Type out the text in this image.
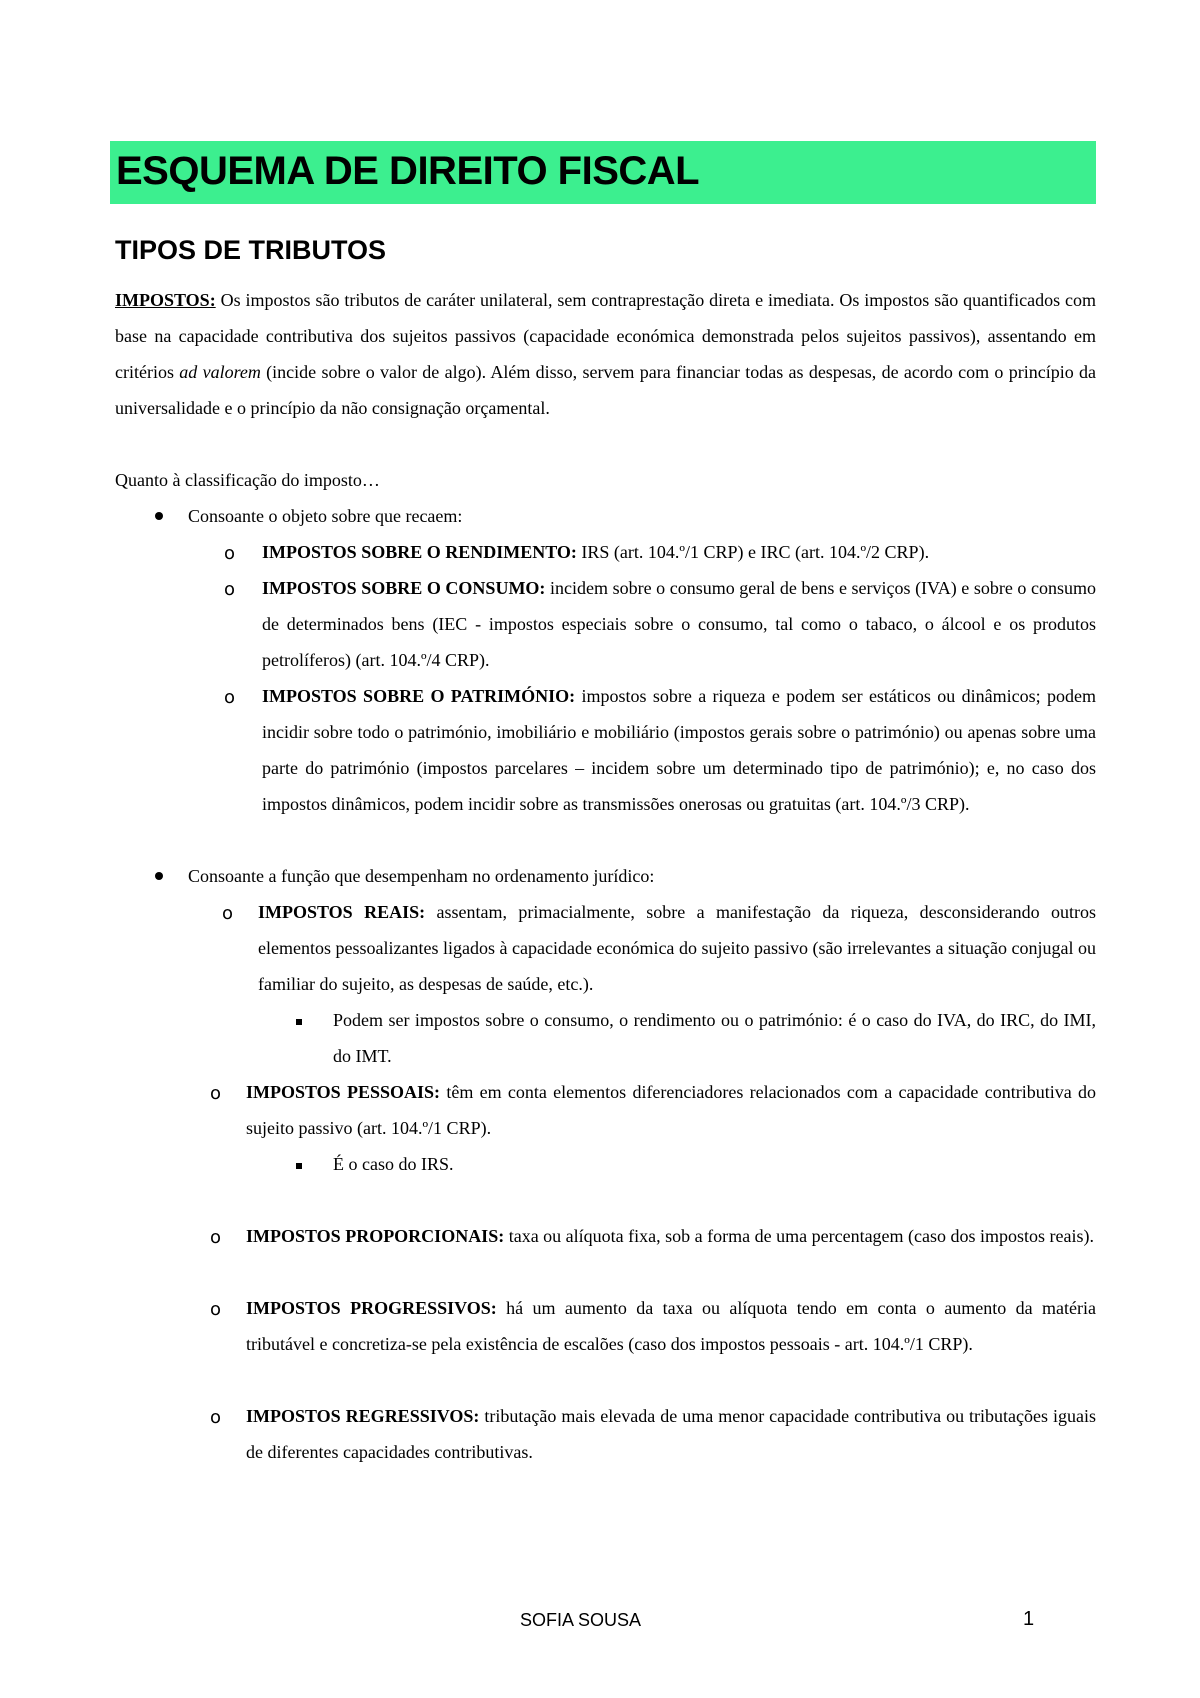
ESQUEMA DE DIREITO FISCAL
TIPOS DE TRIBUTOS

IMPOSTOS: Os impostos são tributos de caráter unilateral, sem contraprestação direta e imediata. Os impostos são quantificados com base na capacidade contributiva dos sujeitos passivos (capacidade económica demonstrada pelos sujeitos passivos), assentando em critérios ad valorem (incide sobre o valor de algo). Além disso, servem para financiar todas as despesas, de acordo com o princípio da universalidade e o princípio da não consignação orçamental.

Quanto à classificação do imposto…

Consoante o objeto sobre que recaem:

o IMPOSTOS SOBRE O RENDIMENTO: IRS (art. 104.º/1 CRP) e IRC (art. 104.º/2 CRP).

o IMPOSTOS SOBRE O CONSUMO: incidem sobre o consumo geral de bens e serviços (IVA) e sobre o consumo de determinados bens (IEC - impostos especiais sobre o consumo, tal como o tabaco, o álcool e os produtos petrolíferos) (art. 104.º/4 CRP).

o IMPOSTOS SOBRE O PATRIMÓNIO: impostos sobre a riqueza e podem ser estáticos ou dinâmicos; podem incidir sobre todo o património, imobiliário e mobiliário (impostos gerais sobre o património) ou apenas sobre uma parte do património (impostos parcelares – incidem sobre um determinado tipo de património); e, no caso dos impostos dinâmicos, podem incidir sobre as transmissões onerosas ou gratuitas (art. 104.º/3 CRP).

Consoante a função que desempenham no ordenamento jurídico:

o IMPOSTOS REAIS: assentam, primacialmente, sobre a manifestação da riqueza, desconsiderando outros elementos pessoalizantes ligados à capacidade económica do sujeito passivo (são irrelevantes a situação conjugal ou familiar do sujeito, as despesas de saúde, etc.).

Podem ser impostos sobre o consumo, o rendimento ou o património: é o caso do IVA, do IRC, do IMI, do IMT.

o IMPOSTOS PESSOAIS: têm em conta elementos diferenciadores relacionados com a capacidade contributiva do sujeito passivo (art. 104.º/1 CRP).

É o caso do IRS.

o IMPOSTOS PROPORCIONAIS: taxa ou alíquota fixa, sob a forma de uma percentagem (caso dos impostos reais).

o IMPOSTOS PROGRESSIVOS: há um aumento da taxa ou alíquota tendo em conta o aumento da matéria tributável e concretiza-se pela existência de escalões (caso dos impostos pessoais - art. 104.º/1 CRP).

o IMPOSTOS REGRESSIVOS: tributação mais elevada de uma menor capacidade contributiva ou tributações iguais de diferentes capacidades contributivas.

SOFIA SOUSA	1
